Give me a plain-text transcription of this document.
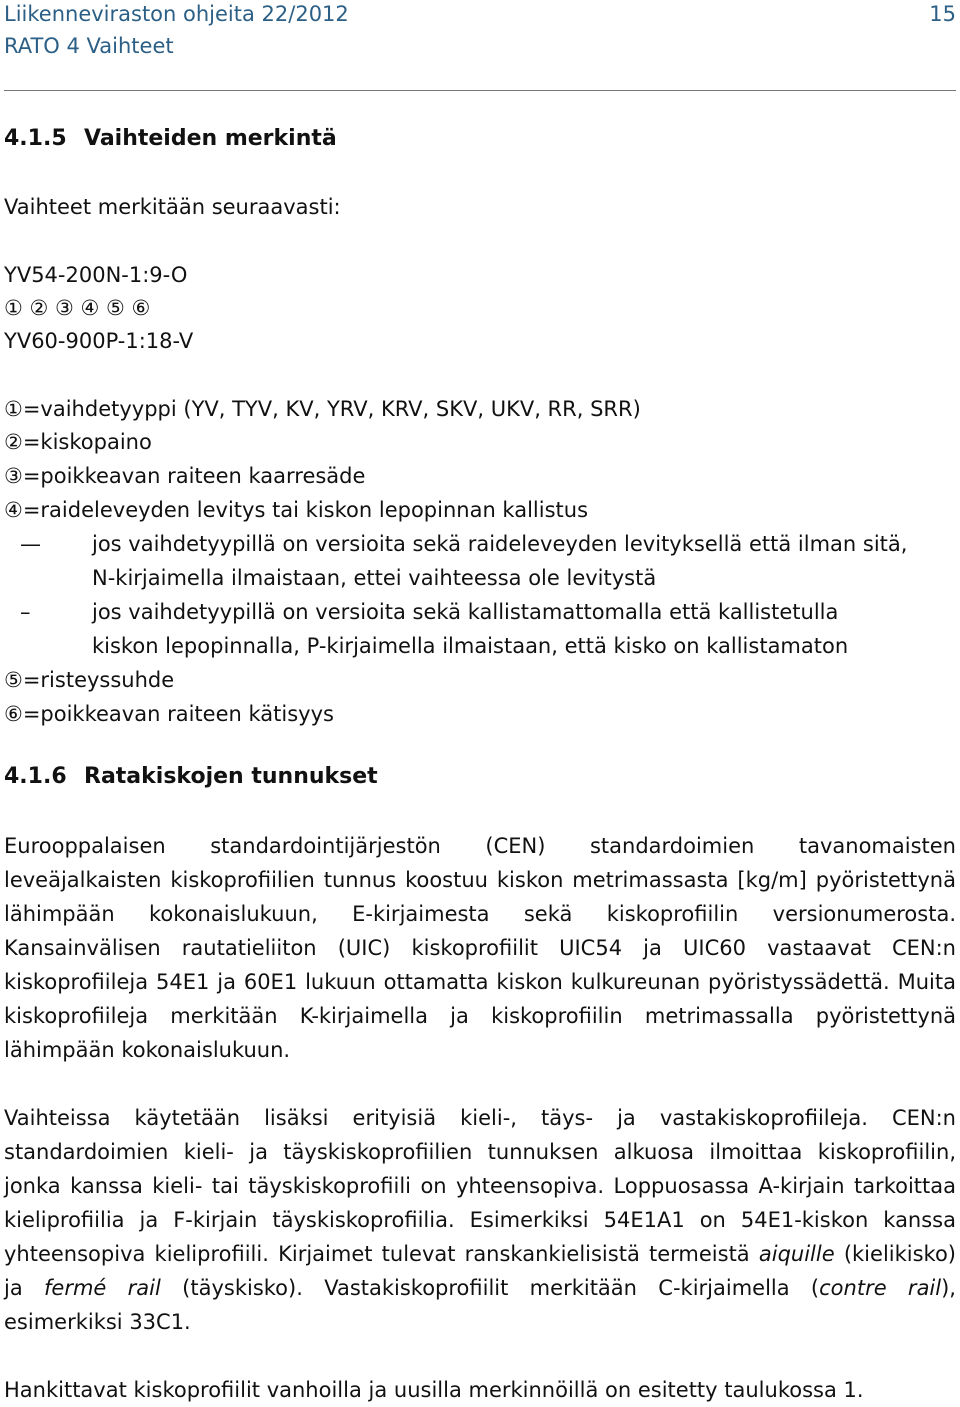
Liikenneviraston ohjeita 22/2012	15
RATO 4 Vaihteet
4.1.5 Vaihteiden merkintä
Vaihteet merkitään seuraavasti:
YV54-200N-1:9-O
① ② ③ ④ ⑤ ⑥
YV60-900P-1:18-V
①=vaihdetyyppi (YV, TYV, KV, YRV, KRV, SKV, UKV, RR, SRR)
②=kiskopaino
③=poikkeavan raiteen kaarresäde
④=raideleveyden levitys tai kiskon lepopinnan kallistus
— jos vaihdetyypillä on versioita sekä raideleveyden levityksellä että ilman sitä,
N-kirjaimella ilmaistaan, ettei vaihteessa ole levitystä
–	jos vaihdetyypillä on versioita sekä kallistamattomalla että kallistetulla
kiskon lepopinnalla, P-kirjaimella ilmaistaan, että kisko on kallistamaton
⑤=risteyssuhde
⑥=poikkeavan raiteen kätisyys
4.1.6 Ratakiskojen tunnukset

Eurooppalaisen standardointijärjestön (CEN) standardoimien tavanomaisten leveäjalkaisten kiskoprofiilien tunnus koostuu kiskon metrimassasta [kg/m] pyöristettynä lähimpään kokonaislukuun, E-kirjaimesta sekä kiskoprofiilin versionumerosta. Kansainvälisen rautatieliiton (UIC) kiskoprofiilit UIC54 ja UIC60 vastaavat CEN:n kiskoprofiileja 54E1 ja 60E1 lukuun ottamatta kiskon kulkureunan pyöristyssädettä. Muita kiskoprofiileja merkitään K-kirjaimella ja kiskoprofiilin metrimassalla pyöristettynä lähimpään kokonaislukuun.

Vaihteissa käytetään lisäksi erityisiä kieli-, täys- ja vastakiskoprofiileja. CEN:n standardoimien kieli- ja täyskiskoprofiilien tunnuksen alkuosa ilmoittaa kiskoprofiilin, jonka kanssa kieli- tai täyskiskoprofiili on yhteensopiva. Loppuosassa A-kirjain tarkoittaa kieliprofiilia ja F-kirjain täyskiskoprofiilia. Esimerkiksi 54E1A1 on 54E1-kiskon kanssa yhteensopiva kieliprofiili. Kirjaimet tulevat ranskankielisistä termeistä aiquille (kielikisko) ja fermé rail (täyskisko). Vastakiskoprofiilit merkitään C-kirjaimella (contre rail), esimerkiksi 33C1.

Hankittavat kiskoprofiilit vanhoilla ja uusilla merkinnöillä on esitetty taulukossa 1.
